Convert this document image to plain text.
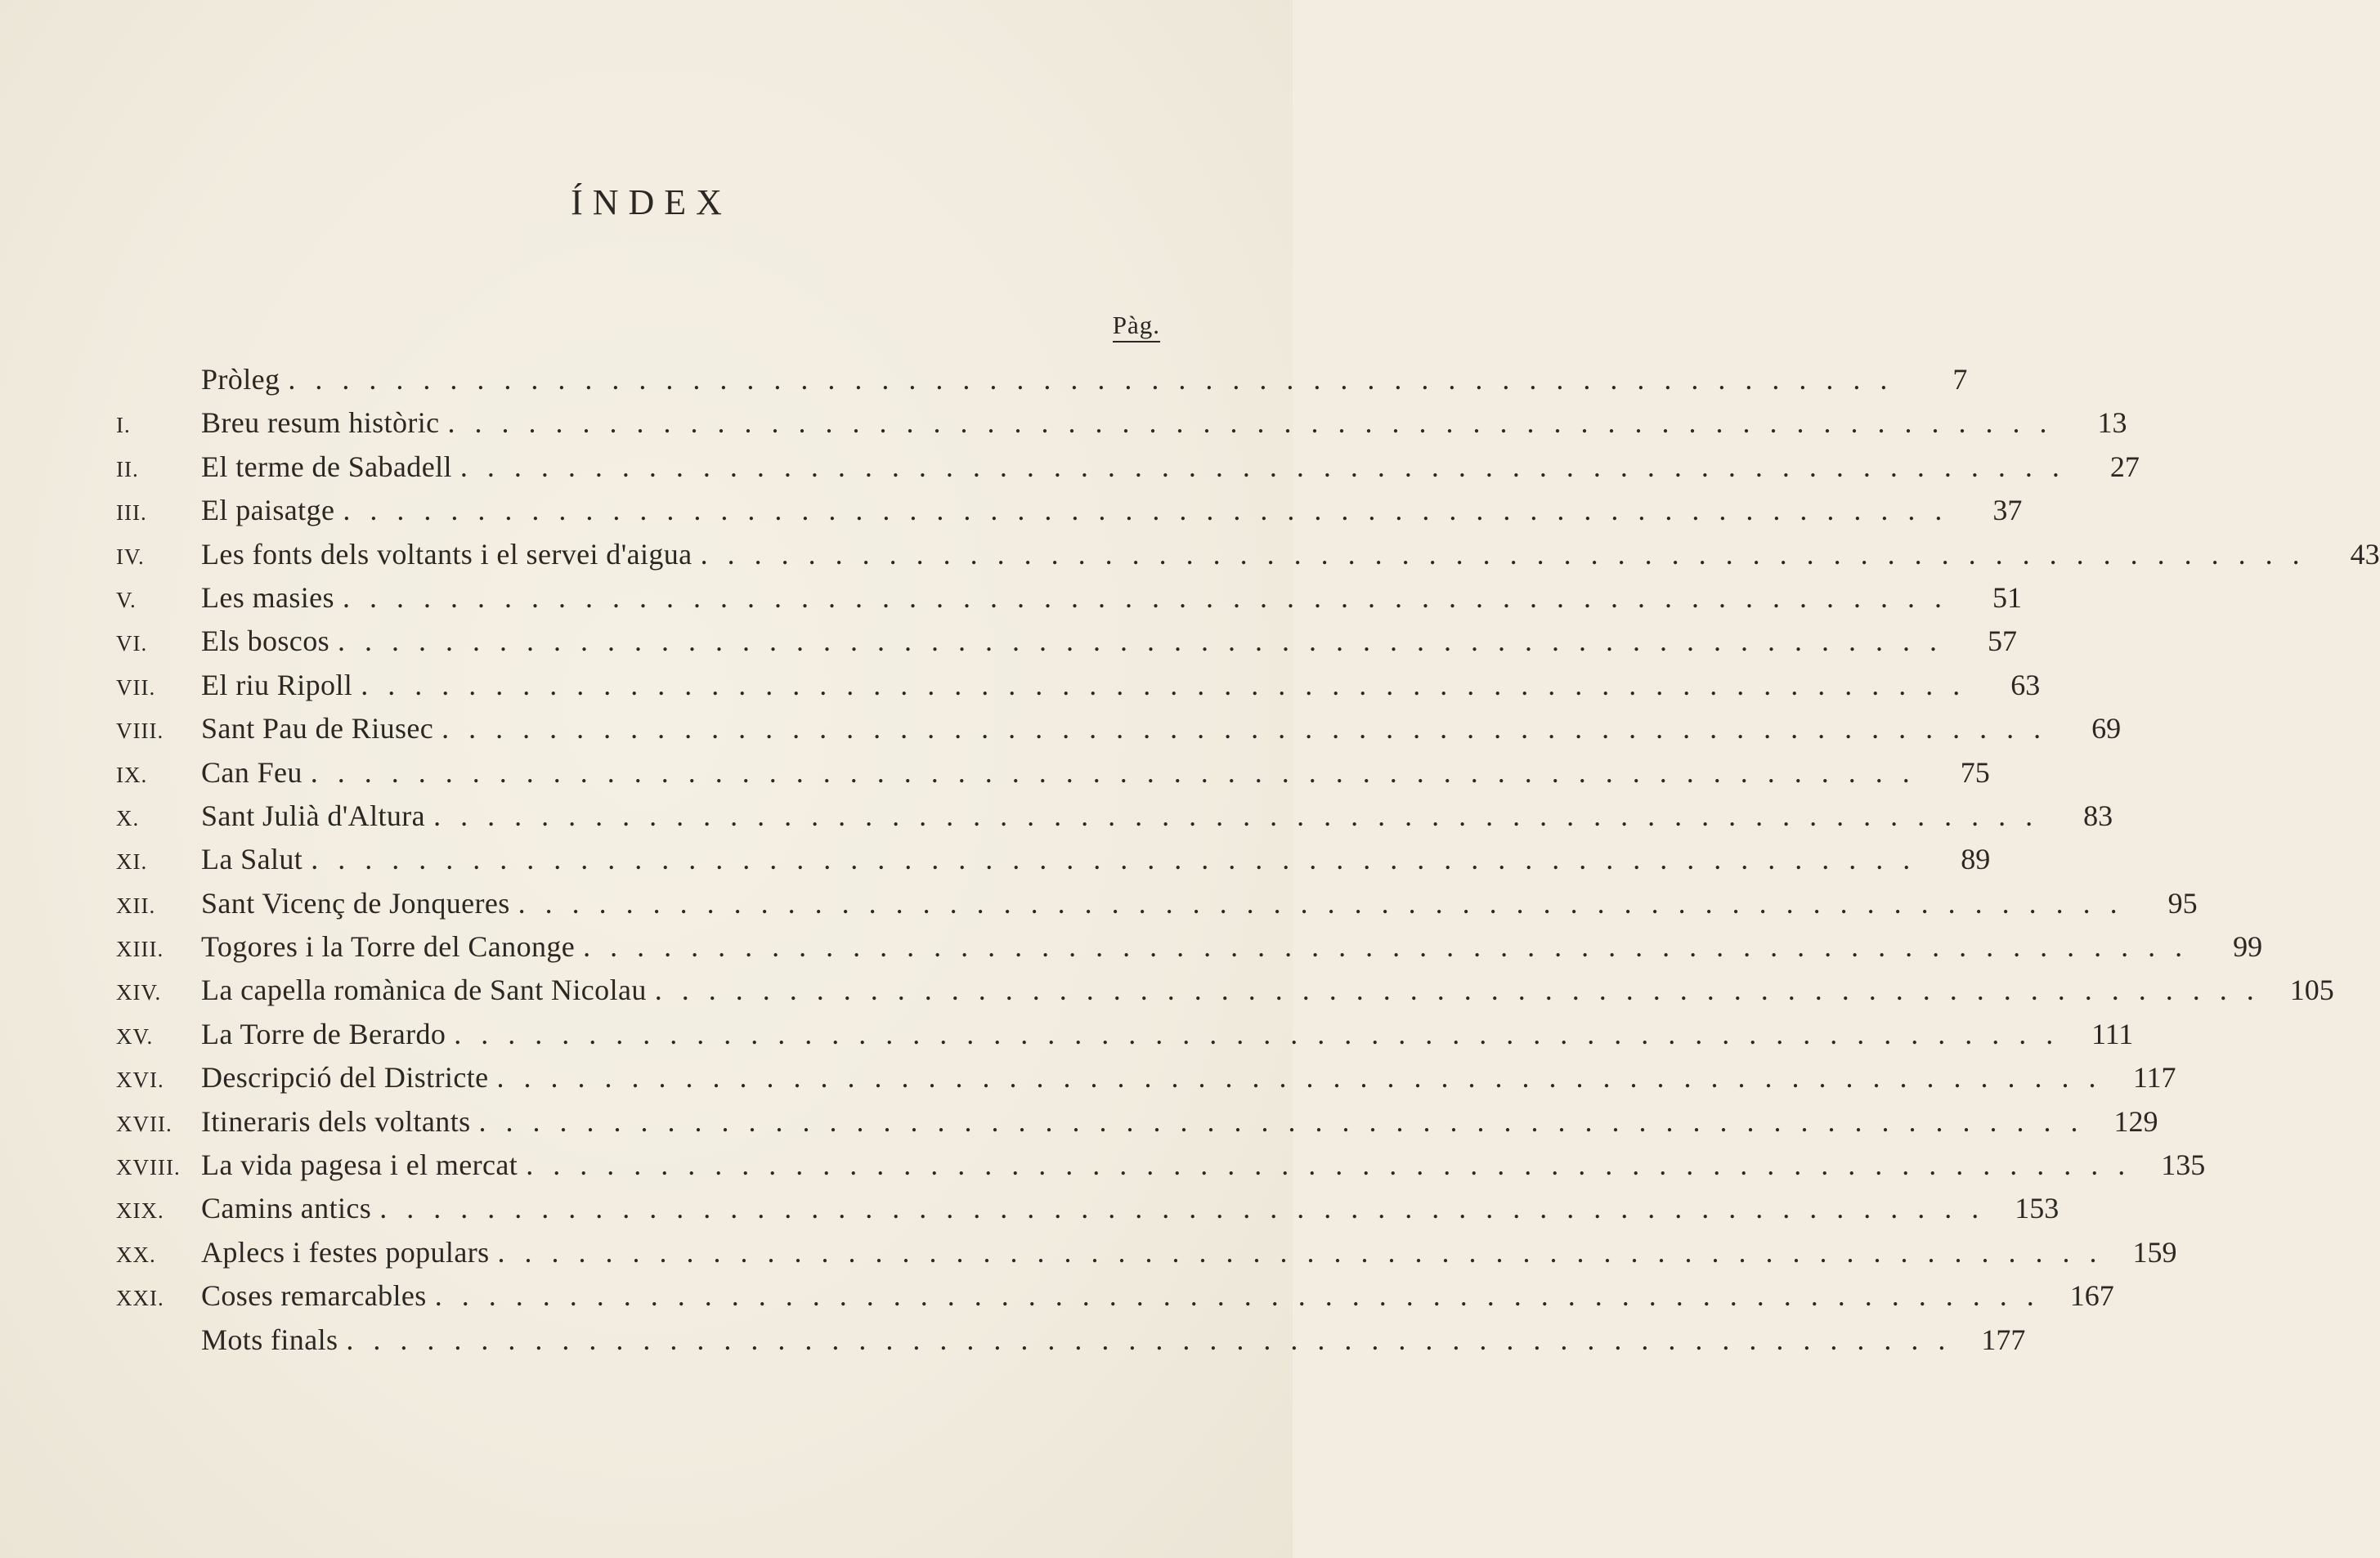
ÍNDEX
Pàg.
Pròleg ............................................................	7
I. Breu resum històric ............................................................	13
II. El terme de Sabadell ............................................................	27
III. El paisatge ............................................................	37
IV. Les fonts dels voltants i el servei d'aigua ............................................................	43
V. Les masies ............................................................	51
VI. Els boscos ............................................................	57
VII. El riu Ripoll ............................................................	63
VIII. Sant Pau de Riusec ............................................................	69
IX. Can Feu ............................................................	75
X. Sant Julià d'Altura ............................................................	83
XI. La Salut ............................................................	89
XII. Sant Vicenç de Jonqueres ............................................................	95
XIII. Togores i la Torre del Canonge ............................................................	99
XIV. La capella romànica de Sant Nicolau ............................................................ 105
XV. La Torre de Berardo ............................................................ 111
XVI. Descripció del Districte ............................................................ 117
XVII. Itineraris dels voltants ............................................................ 129
XVIII. La vida pagesa i el mercat ............................................................ 135
XIX. Camins antics ............................................................ 153
XX. Aplecs i festes populars ............................................................ 159
XXI. Coses remarcables ............................................................ 167
Mots finals ............................................................ 177
